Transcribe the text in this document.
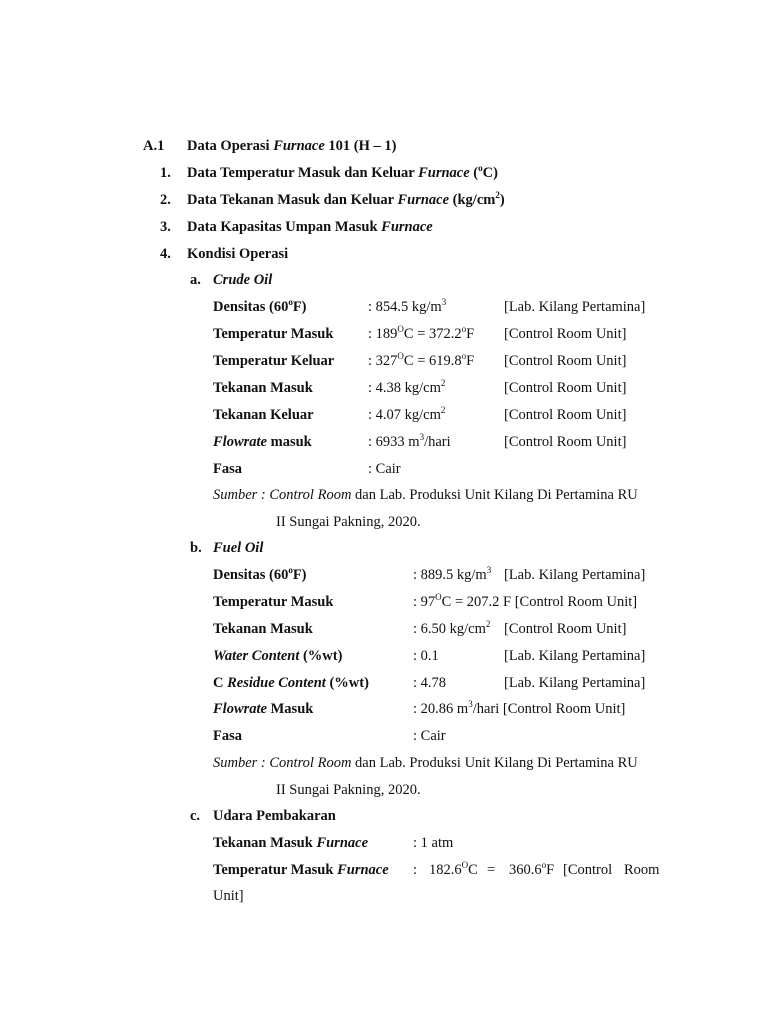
A.1 Data Operasi Furnace 101 (H – 1)
1. Data Temperatur Masuk dan Keluar Furnace ($^o$C)
2. Data Tekanan Masuk dan Keluar Furnace $(kg/cm^2)$
3. Data Kapasitas Umpan Masuk Furnace
4. Kondisi Operasi
a. Crude Oil
Densitas (60$^o$F)	: 854.5 $kg/m^3$	[Lab. Kilang Pertamina]
Temperatur Masuk : $189^OC = 372.2^oF$ [Control Room Unit]
Temperatur Keluar : $327^OC = 619.8^oF$ [Control Room Unit]
Tekanan Masuk	: 4.38 $kg/cm^2$	[Control Room Unit]
Tekanan Keluar	: 4.07 $kg/cm^2$	[Control Room Unit]
Flowrate masuk	: 6933 $m^3$/hari	[Control Room Unit]
Fasa	: Cair
Sumber : Control Room dan Lab. Produksi Unit Kilang Di Pertamina RU
II Sungai Pakning, 2020.
b. Fuel Oil
Densitas (60$^o$F)	: 889.5 $kg/m^3$ [Lab. Kilang Pertamina]
Temperatur Masuk	: $97^OC = 207.2$ F [Control Room Unit]
Tekanan Masuk	: 6.50 $kg/cm^2$ [Control Room Unit]
Water Content (%wt)	: 0.1	[Lab. Kilang Pertamina]
C Residue Content (%wt)	: 4.78	[Lab. Kilang Pertamina]
Flowrate Masuk	: 20.86 $m^3$/hari [Control Room Unit]
Fasa	: Cair
Sumber : Control Room dan Lab. Produksi Unit Kilang Di Pertamina RU
II Sungai Pakning, 2020.
c. Udara Pembakaran
Tekanan Masuk Furnace	: 1 atm
Temperatur Masuk Furnace : $182.6^OC = 360.6^oF$ [Control Room
Unit]
